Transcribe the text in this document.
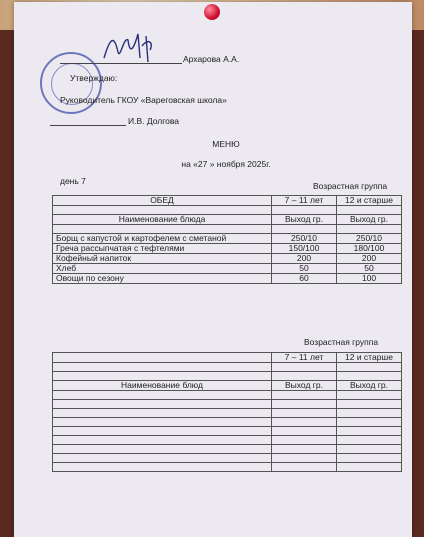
Архарова А.А.
Утверждаю:
Руководитель ГКОУ «Вареговская школа»
И.В. Долгова
МЕНЮ
на «27 » ноября 2025г.
день 7	Возрастная группа
ОБЕД	7 – 11 лет	12 и старше

Наименование блюда	Выход гр.	Выход гр.

Борщ с капустой и картофелем с сметаной	250/10	250/10
Греча рассыпчатая с тефтелями	150/100	180/100
Кофейный напиток	200	200
Хлеб	50	50
Овощи по сезону	60	100
Возрастная группа
	7 – 11 лет	12 и старше

Наименование блюд	Выход гр.	Выход гр.
